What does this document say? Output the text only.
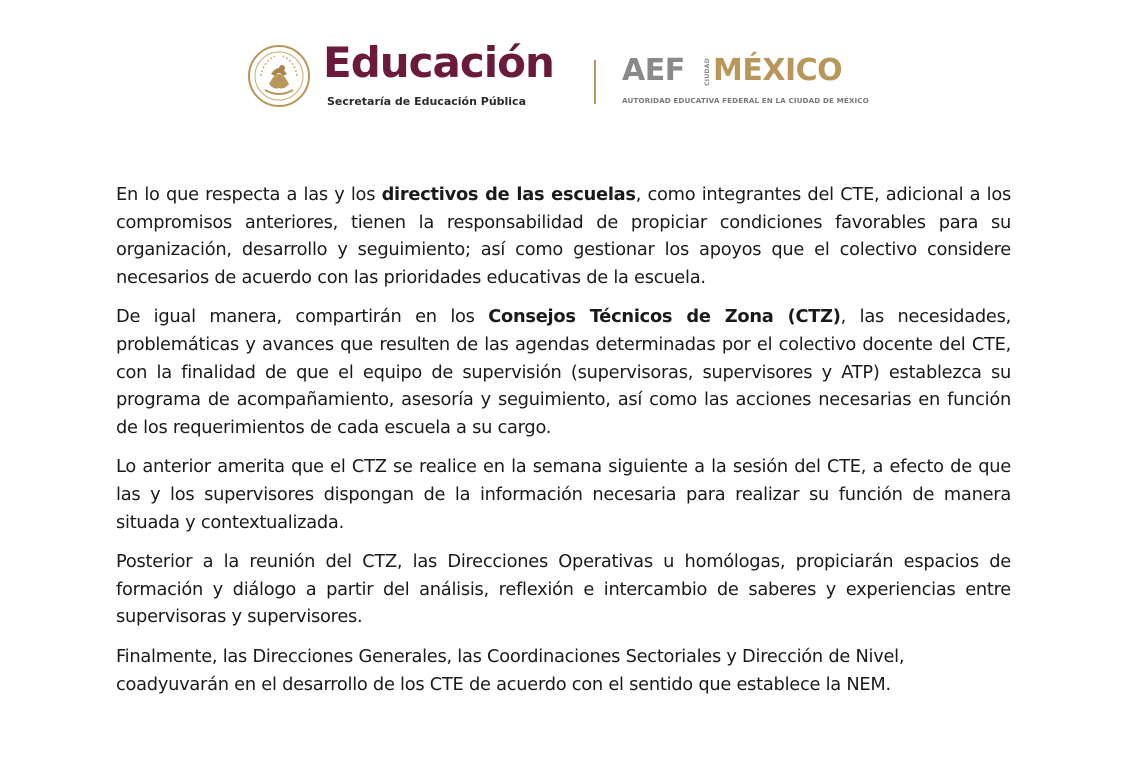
Educación
Secretaría de Educación Pública
AEF	CIUDAD MÉXICO
AUTORIDAD EDUCATIVA FEDERAL EN LA CIUDAD DE MÉXICO

En lo que respecta a las y los directivos de las escuelas, como integrantes del CTE, adicional a los compromisos anteriores, tienen la responsabilidad de propiciar condiciones favorables para su organización, desarrollo y seguimiento; así como gestionar los apoyos que el colectivo considere necesarios de acuerdo con las prioridades educativas de la escuela.

De igual manera, compartirán en los Consejos Técnicos de Zona (CTZ), las necesidades, problemáticas y avances que resulten de las agendas determinadas por el colectivo docente del CTE, con la finalidad de que el equipo de supervisión (supervisoras, supervisores y ATP) establezca su programa de acompañamiento, asesoría y seguimiento, así como las acciones necesarias en función de los requerimientos de cada escuela a su cargo.

Lo anterior amerita que el CTZ se realice en la semana siguiente a la sesión del CTE, a efecto de que las y los supervisores dispongan de la información necesaria para realizar su función de manera situada y contextualizada.

Posterior a la reunión del CTZ, las Direcciones Operativas u homólogas, propiciarán espacios de formación y diálogo a partir del análisis, reflexión e intercambio de saberes y experiencias entre supervisoras y supervisores.

Finalmente, las Direcciones Generales, las Coordinaciones Sectoriales y Dirección de Nivel, coadyuvarán en el desarrollo de los CTE de acuerdo con el sentido que establece la NEM.
